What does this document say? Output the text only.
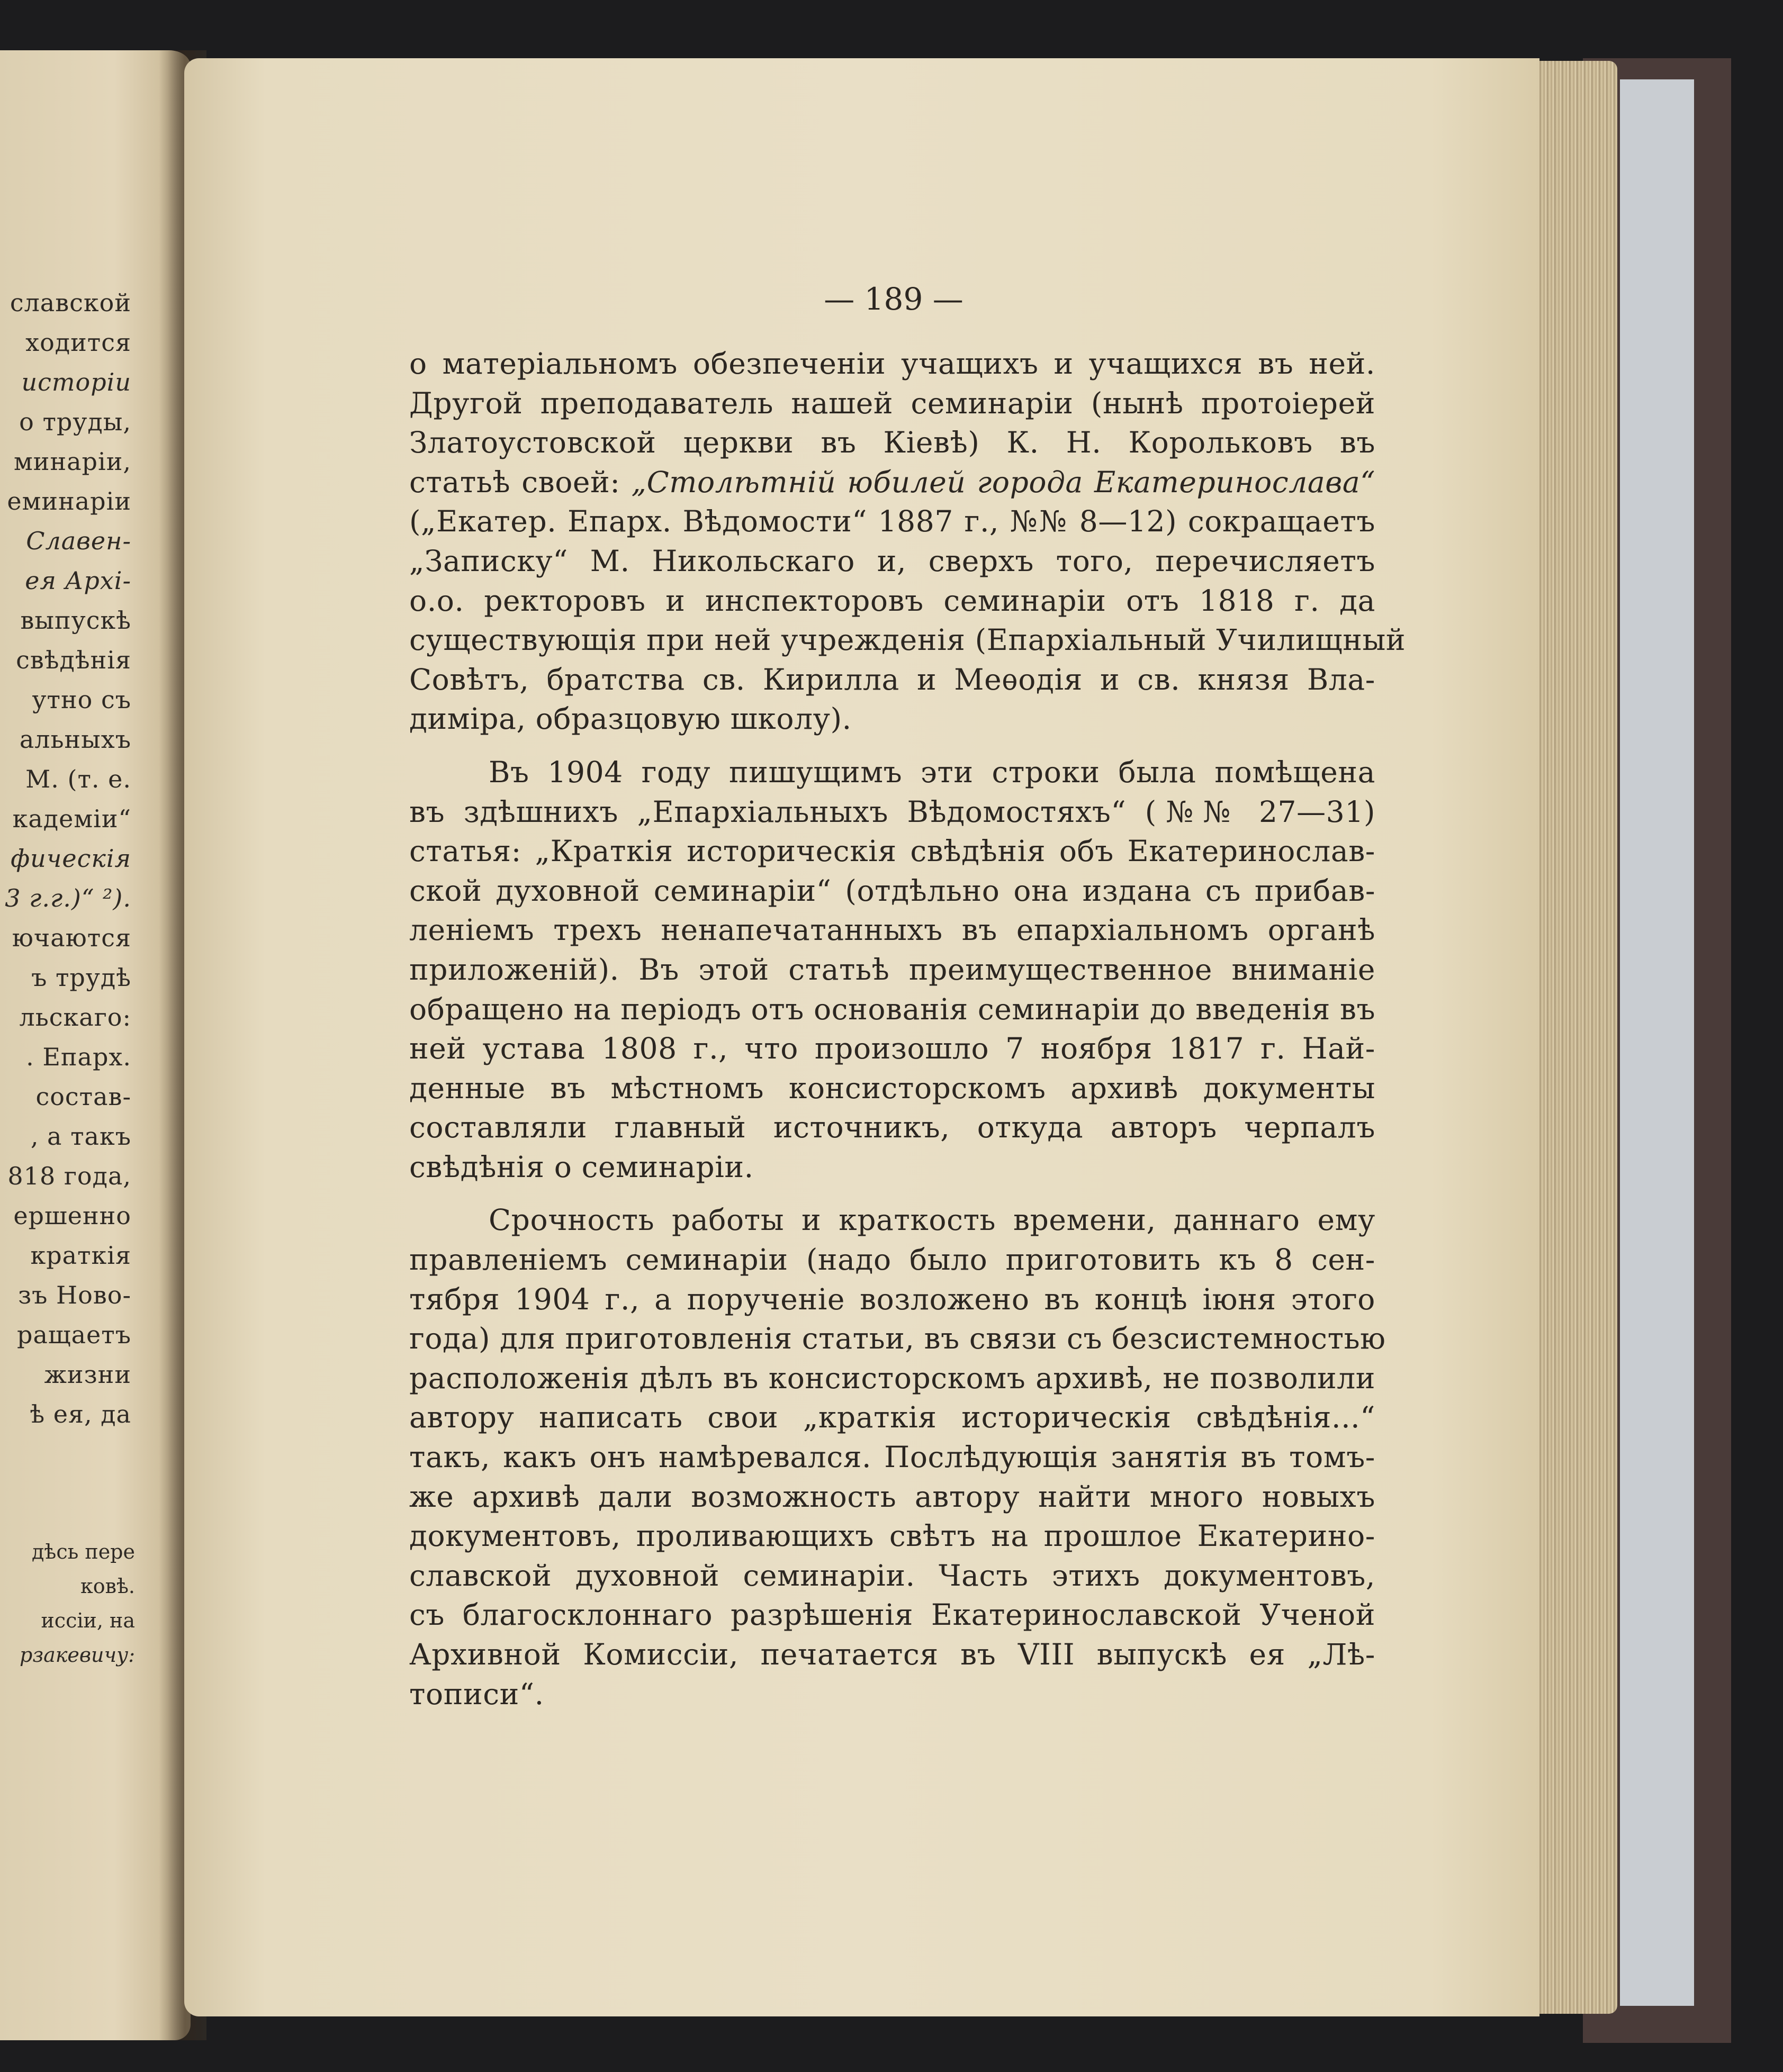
славской
ходится
исторіи
о труды,
минаріи,
еминаріи
Славен-
ея Архі-
выпускѣ
свѣдѣнія
утно съ
альныхъ
М. (т. е.
кадеміи“
фическія
3 г.г.)“ ²).
ючаются
ъ трудѣ
льскаго:
. Епарх.
состав-
, а такъ
818 года,
ершенно
краткія
зъ Ново-
ращаетъ
жизни
ѣ ея, да
дѣсь пере
ковѣ.
иссіи, на
рзакевичу:
— 189 —
о матеріальномъ обезпеченіи учащихъ и учащихся въ ней.
Другой преподаватель нашей семинаріи (нынѣ протоіерей
Златоустовской церкви въ Кіевѣ) К. Н. Корольковъ въ
статьѣ своей: „Столѣтній юбилей города Екатеринослава“
(„Екатер. Епарх. Вѣдомости“ 1887 г., №№ 8—12) сокращаетъ
„Записку“ М. Никольскаго и, сверхъ того, перечисляетъ
о.о. ректоровъ и инспекторовъ семинаріи отъ 1818 г. да
существующія при ней учрежденія (Епархіальный Училищный
Совѣтъ, братства св. Кирилла и Меѳодія и св. князя Вла-
диміра, образцовую школу).
Въ 1904 году пишущимъ эти строки была помѣщена
въ здѣшнихъ „Епархіальныхъ Вѣдомостяхъ“ (№№ 27—31)
статья: „Краткія историческія свѣдѣнія объ Екатеринослав-
ской духовной семинаріи“ (отдѣльно она издана съ прибав-
леніемъ трехъ ненапечатанныхъ въ епархіальномъ органѣ
приложеній). Въ этой статьѣ преимущественное вниманіе
обращено на періодъ отъ основанія семинаріи до введенія въ
ней устава 1808 г., что произошло 7 ноября 1817 г. Най-
денные въ мѣстномъ консисторскомъ архивѣ документы
составляли главный источникъ, откуда авторъ черпалъ
свѣдѣнія о семинаріи.
Срочность работы и краткость времени, даннаго ему
правленіемъ семинаріи (надо было приготовить къ 8 сен-
тября 1904 г., а порученіе возложено въ концѣ іюня этого
года) для приготовленія статьи, въ связи съ безсистемностью
расположенія дѣлъ въ консисторскомъ архивѣ, не позволили
автору написать свои „краткія историческія свѣдѣнія...“
такъ, какъ онъ намѣревался. Послѣдующія занятія въ томъ-
же архивѣ дали возможность автору найти много новыхъ
документовъ, проливающихъ свѣтъ на прошлое Екатерино-
славской духовной семинаріи. Часть этихъ документовъ,
съ благосклоннаго разрѣшенія Екатеринославской Ученой
Архивной Комиссіи, печатается въ VIII выпускѣ ея „Лѣ-
тописи“.
